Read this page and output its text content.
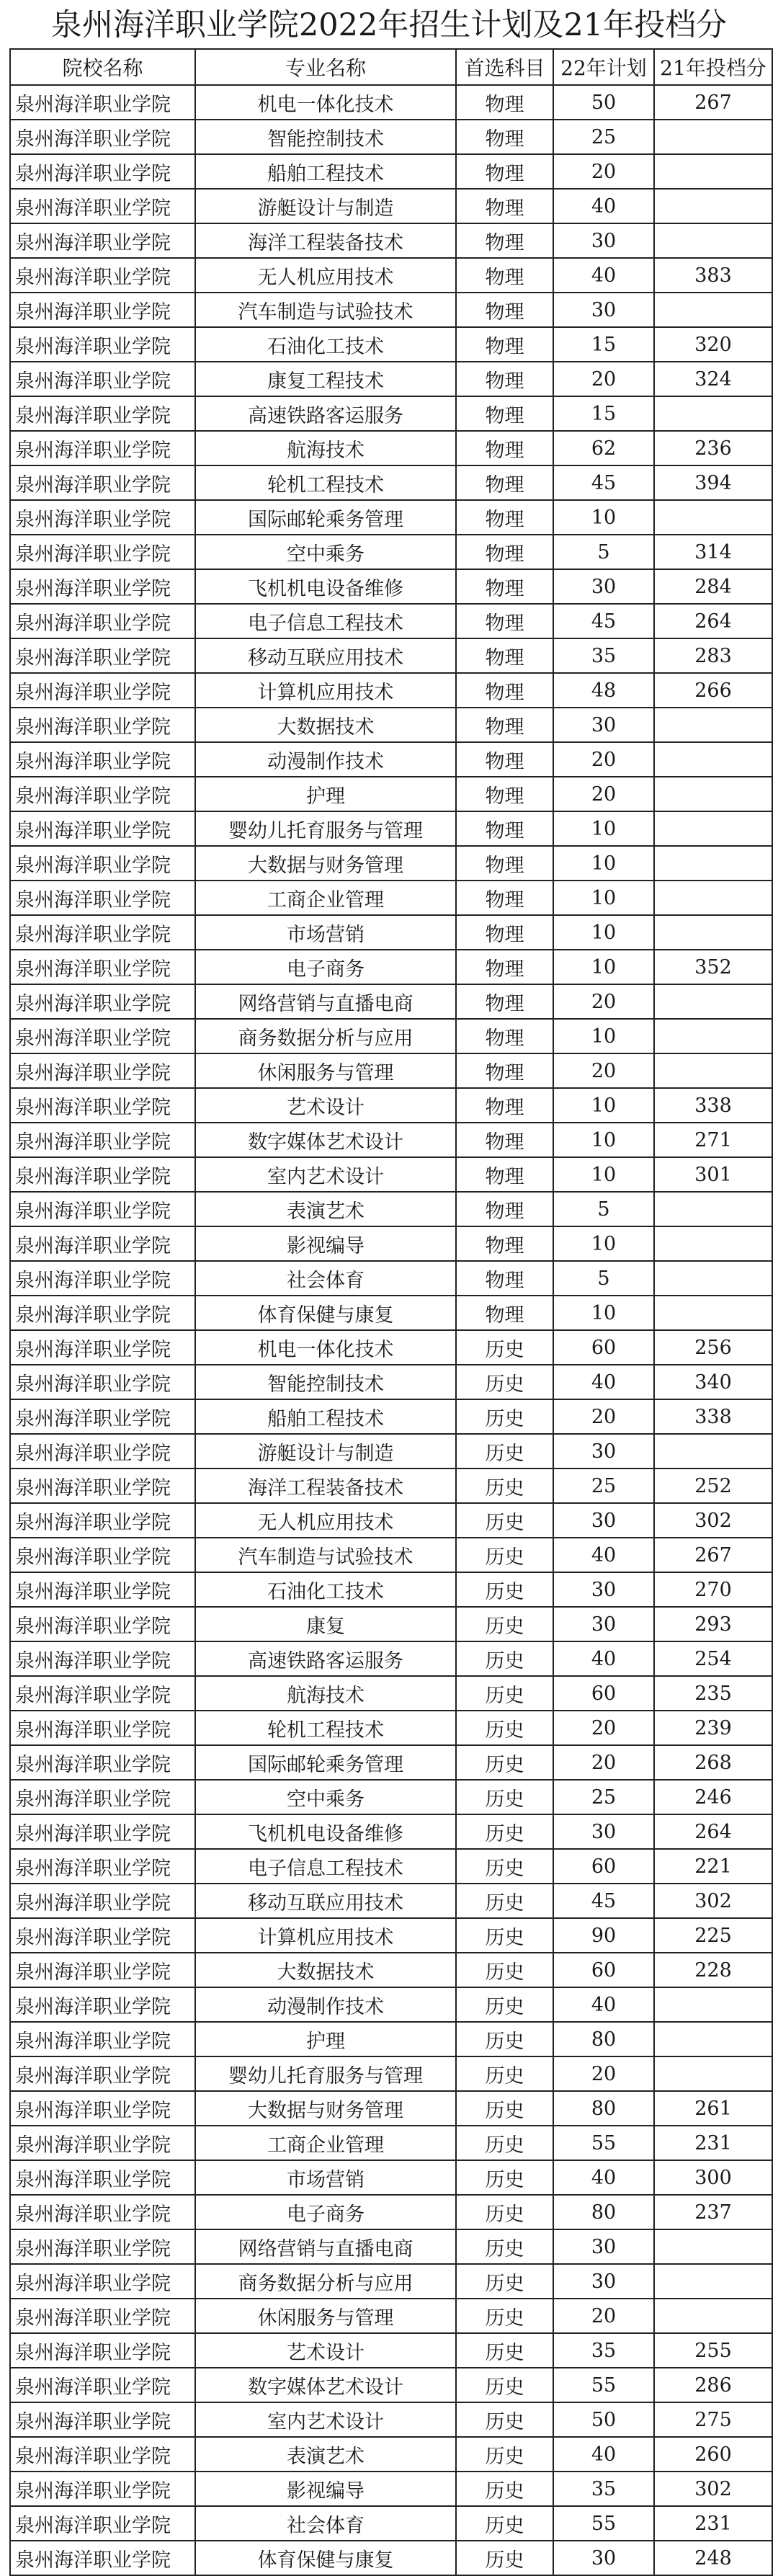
泉州海洋职业学院2022年招生计划及21年投档分
院校名称	专业名称	首选科目	22年计划	21年投档分
泉州海洋职业学院	机电一体化技术	物理	50	267
泉州海洋职业学院	智能控制技术	物理	25	
泉州海洋职业学院	船舶工程技术	物理	20	
泉州海洋职业学院	游艇设计与制造	物理	40	
泉州海洋职业学院	海洋工程装备技术	物理	30	
泉州海洋职业学院	无人机应用技术	物理	40	383
泉州海洋职业学院	汽车制造与试验技术	物理	30	
泉州海洋职业学院	石油化工技术	物理	15	320
泉州海洋职业学院	康复工程技术	物理	20	324
泉州海洋职业学院	高速铁路客运服务	物理	15	
泉州海洋职业学院	航海技术	物理	62	236
泉州海洋职业学院	轮机工程技术	物理	45	394
泉州海洋职业学院	国际邮轮乘务管理	物理	10	
泉州海洋职业学院	空中乘务	物理	5	314
泉州海洋职业学院	飞机机电设备维修	物理	30	284
泉州海洋职业学院	电子信息工程技术	物理	45	264
泉州海洋职业学院	移动互联应用技术	物理	35	283
泉州海洋职业学院	计算机应用技术	物理	48	266
泉州海洋职业学院	大数据技术	物理	30	
泉州海洋职业学院	动漫制作技术	物理	20	
泉州海洋职业学院	护理	物理	20	
泉州海洋职业学院	婴幼儿托育服务与管理	物理	10	
泉州海洋职业学院	大数据与财务管理	物理	10	
泉州海洋职业学院	工商企业管理	物理	10	
泉州海洋职业学院	市场营销	物理	10	
泉州海洋职业学院	电子商务	物理	10	352
泉州海洋职业学院	网络营销与直播电商	物理	20	
泉州海洋职业学院	商务数据分析与应用	物理	10	
泉州海洋职业学院	休闲服务与管理	物理	20	
泉州海洋职业学院	艺术设计	物理	10	338
泉州海洋职业学院	数字媒体艺术设计	物理	10	271
泉州海洋职业学院	室内艺术设计	物理	10	301
泉州海洋职业学院	表演艺术	物理	5	
泉州海洋职业学院	影视编导	物理	10	
泉州海洋职业学院	社会体育	物理	5	
泉州海洋职业学院	体育保健与康复	物理	10	
泉州海洋职业学院	机电一体化技术	历史	60	256
泉州海洋职业学院	智能控制技术	历史	40	340
泉州海洋职业学院	船舶工程技术	历史	20	338
泉州海洋职业学院	游艇设计与制造	历史	30	
泉州海洋职业学院	海洋工程装备技术	历史	25	252
泉州海洋职业学院	无人机应用技术	历史	30	302
泉州海洋职业学院	汽车制造与试验技术	历史	40	267
泉州海洋职业学院	石油化工技术	历史	30	270
泉州海洋职业学院	康复	历史	30	293
泉州海洋职业学院	高速铁路客运服务	历史	40	254
泉州海洋职业学院	航海技术	历史	60	235
泉州海洋职业学院	轮机工程技术	历史	20	239
泉州海洋职业学院	国际邮轮乘务管理	历史	20	268
泉州海洋职业学院	空中乘务	历史	25	246
泉州海洋职业学院	飞机机电设备维修	历史	30	264
泉州海洋职业学院	电子信息工程技术	历史	60	221
泉州海洋职业学院	移动互联应用技术	历史	45	302
泉州海洋职业学院	计算机应用技术	历史	90	225
泉州海洋职业学院	大数据技术	历史	60	228
泉州海洋职业学院	动漫制作技术	历史	40	
泉州海洋职业学院	护理	历史	80	
泉州海洋职业学院	婴幼儿托育服务与管理	历史	20	
泉州海洋职业学院	大数据与财务管理	历史	80	261
泉州海洋职业学院	工商企业管理	历史	55	231
泉州海洋职业学院	市场营销	历史	40	300
泉州海洋职业学院	电子商务	历史	80	237
泉州海洋职业学院	网络营销与直播电商	历史	30	
泉州海洋职业学院	商务数据分析与应用	历史	30	
泉州海洋职业学院	休闲服务与管理	历史	20	
泉州海洋职业学院	艺术设计	历史	35	255
泉州海洋职业学院	数字媒体艺术设计	历史	55	286
泉州海洋职业学院	室内艺术设计	历史	50	275
泉州海洋职业学院	表演艺术	历史	40	260
泉州海洋职业学院	影视编导	历史	35	302
泉州海洋职业学院	社会体育	历史	55	231
泉州海洋职业学院	体育保健与康复	历史	30	248
